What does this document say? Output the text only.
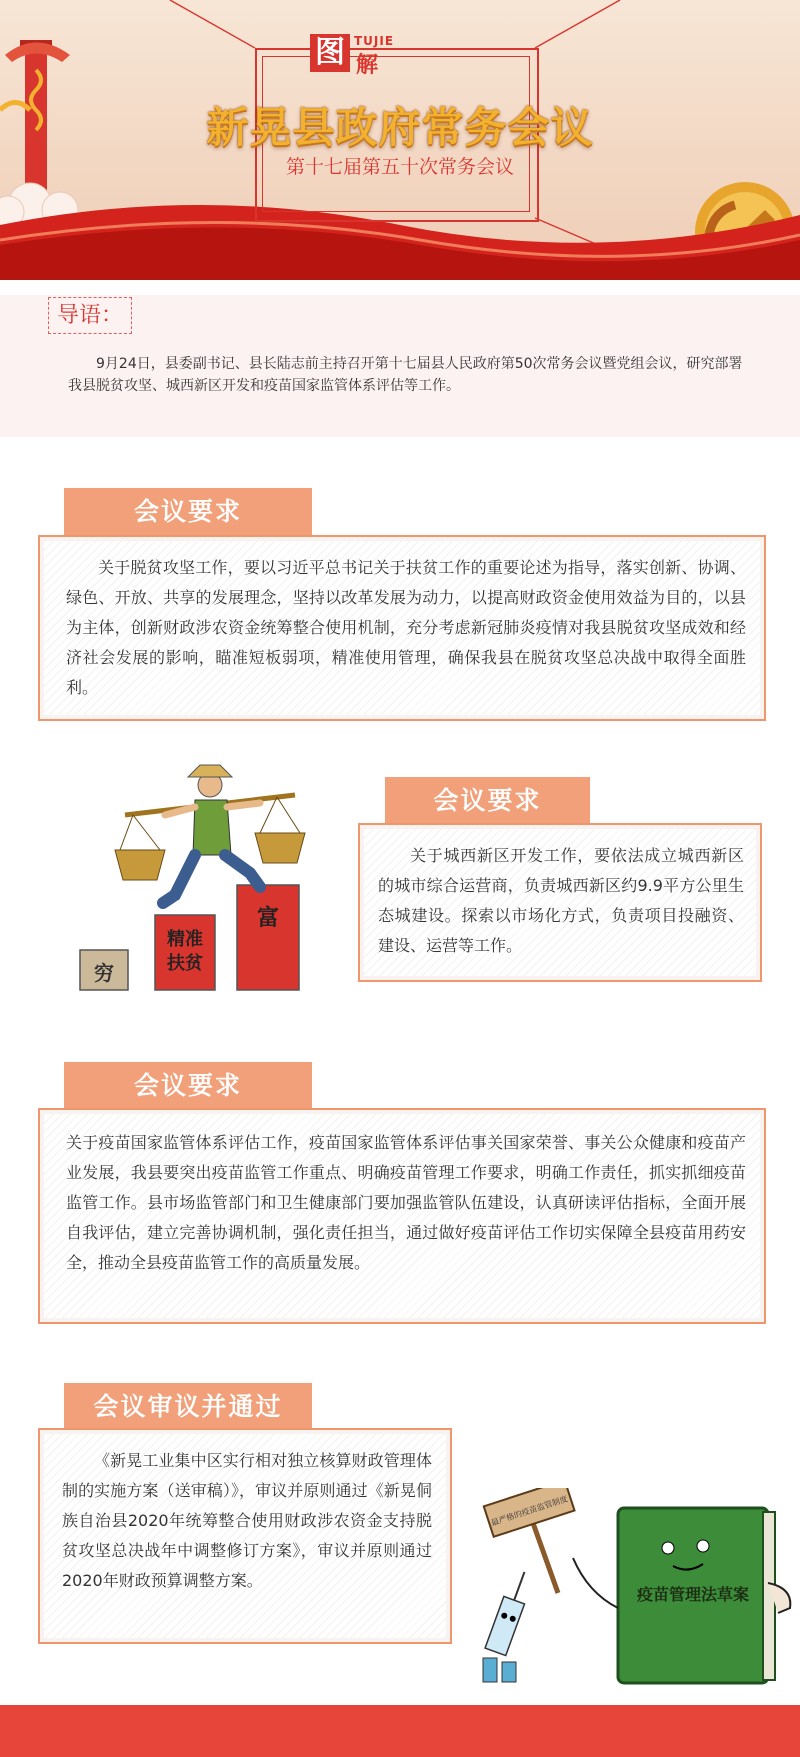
图 TUJIE
解
新晃县政府常务会议
第十七届第五十次常务会议
导语：
9月24日，县委副书记、县长陆志前主持召开第十七届县人民政府第50次常务会议暨党组会议，研究部署我县脱贫攻坚、城西新区开发和疫苗国家监管体系评估等工作。
会议要求
关于脱贫攻坚工作，要以习近平总书记关于扶贫工作的重要论述为指导，落实创新、协调、绿色、开放、共享的发展理念，坚持以改革发展为动力，以提高财政资金使用效益为目的，以县为主体，创新财政涉农资金统筹整合使用机制，充分考虑新冠肺炎疫情对我县脱贫攻坚成效和经济社会发展的影响，瞄准短板弱项，精准使用管理，确保我县在脱贫攻坚总决战中取得全面胜利。
穷
精准
扶贫
富
会议要求
关于城西新区开发工作，要依法成立城西新区的城市综合运营商，负责城西新区约9.9平方公里生态城建设。探索以市场化方式，负责项目投融资、建设、运营等工作。
会议要求
关于疫苗国家监管体系评估工作，疫苗国家监管体系评估事关国家荣誉、事关公众健康和疫苗产业发展，我县要突出疫苗监管工作重点、明确疫苗管理工作要求，明确工作责任，抓实抓细疫苗监管工作。县市场监管部门和卫生健康部门要加强监管队伍建设，认真研读评估指标，全面开展自我评估，建立完善协调机制，强化责任担当，通过做好疫苗评估工作切实保障全县疫苗用药安全，推动全县疫苗监管工作的高质量发展。
会议审议并通过
《新晃工业集中区实行相对独立核算财政管理体制的实施方案（送审稿）》，审议并原则通过《新晃侗族自治县2020年统筹整合使用财政涉农资金支持脱贫攻坚总决战年中调整修订方案》，审议并原则通过2020年财政预算调整方案。
疫苗管理法草案
最严格的疫苗监管制度
